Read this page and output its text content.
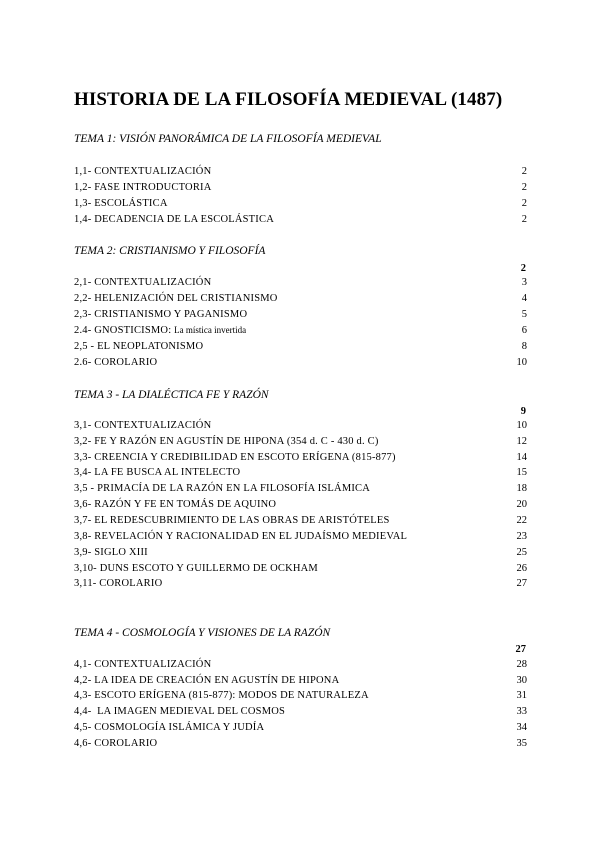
HISTORIA DE LA FILOSOFÍA MEDIEVAL (1487)
TEMA 1: VISIÓN PANORÁMICA DE LA FILOSOFÍA MEDIEVAL
1,1- CONTEXTUALIZACIÓN	2
1,2- FASE INTRODUCTORIA	2
1,3- ESCOLÁSTICA	2
1,4- DECADENCIA DE LA ESCOLÁSTICA	2
TEMA 2: CRISTIANISMO Y FILOSOFÍA
2
2,1- CONTEXTUALIZACIÓN	3
2,2- HELENIZACIÓN DEL CRISTIANISMO	4
2,3- CRISTIANISMO Y PAGANISMO	5
2.4- GNOSTICISMO: La mística invertida	6
2,5 - EL NEOPLATONISMO	8
2.6- COROLARIO	10
TEMA 3 - LA DIALÉCTICA FE Y RAZÓN
9
3,1- CONTEXTUALIZACIÓN	10
3,2- FE Y RAZÓN EN AGUSTÍN DE HIPONA (354 d. C - 430 d. C)	12
3,3- CREENCIA Y CREDIBILIDAD EN ESCOTO ERÍGENA (815-877)	14
3,4- LA FE BUSCA AL INTELECTO	15
3,5 - PRIMACÍA DE LA RAZÓN EN LA FILOSOFÍA ISLÁMICA	18
3,6- RAZÓN Y FE EN TOMÁS DE AQUINO	20
3,7- EL REDESCUBRIMIENTO DE LAS OBRAS DE ARISTÓTELES	22
3,8- REVELACIÓN Y RACIONALIDAD EN EL JUDAÍSMO MEDIEVAL	23
3,9- SIGLO XIII	25
3,10- DUNS ESCOTO Y GUILLERMO DE OCKHAM	26
3,11- COROLARIO	27
TEMA 4 - COSMOLOGÍA Y VISIONES DE LA RAZÓN
27
4,1- CONTEXTUALIZACIÓN	28
4,2- LA IDEA DE CREACIÓN EN AGUSTÍN DE HIPONA	30
4,3- ESCOTO ERÍGENA (815-877): MODOS DE NATURALEZA	31
4,4-  LA IMAGEN MEDIEVAL DEL COSMOS	33
4,5- COSMOLOGÍA ISLÁMICA Y JUDÍA	34
4,6- COROLARIO	35
